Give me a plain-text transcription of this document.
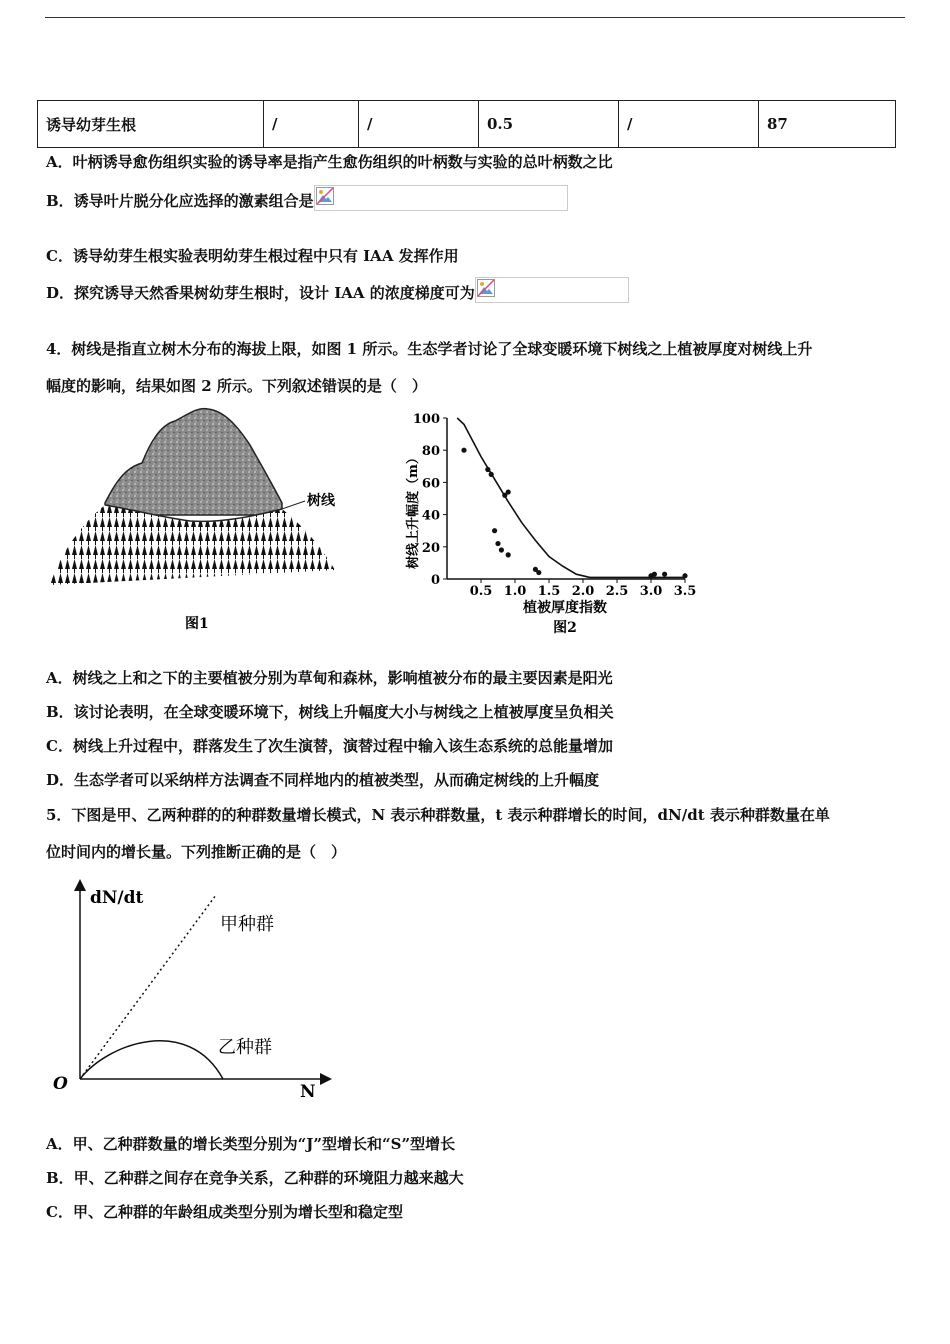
诱导幼芽生根	/	/	0.5	/	87
A．叶柄诱导愈伤组织实验的诱导率是指产生愈伤组织的叶柄数与实验的总叶柄数之比
B．诱导叶片脱分化应选择的激素组合是
C．诱导幼芽生根实验表明幼芽生根过程中只有 IAA 发挥作用
D．探究诱导天然香果树幼芽生根时，设计 IAA 的浓度梯度可为
4．树线是指直立树木分布的海拔上限，如图 1 所示。生态学者讨论了全球变暖环境下树线之上植被厚度对树线上升
幅度的影响，结果如图 2 所示。下列叙述错误的是（　）
树线
图1
0
20
40
60
80
100
0.5 1.0 1.5 2.0 2.5 3.0 3.5
树线上升幅度（m）
植被厚度指数
图2
A．树线之上和之下的主要植被分别为草甸和森林，影响植被分布的最主要因素是阳光
B．该讨论表明，在全球变暖环境下，树线上升幅度大小与树线之上植被厚度呈负相关
C．树线上升过程中，群落发生了次生演替，演替过程中输入该生态系统的总能量增加
D．生态学者可以采纳样方法调查不同样地内的植被类型，从而确定树线的上升幅度
5．下图是甲、乙两种群的的种群数量增长模式，N 表示种群数量，t 表示种群增长的时间，dN/dt 表示种群数量在单
位时间内的增长量。下列推断正确的是（　）
dN/dt
N
O
甲种群
乙种群
A．甲、乙种群数量的增长类型分别为“J”型增长和“S”型增长
B．甲、乙种群之间存在竞争关系，乙种群的环境阻力越来越大
C．甲、乙种群的年龄组成类型分别为增长型和稳定型
